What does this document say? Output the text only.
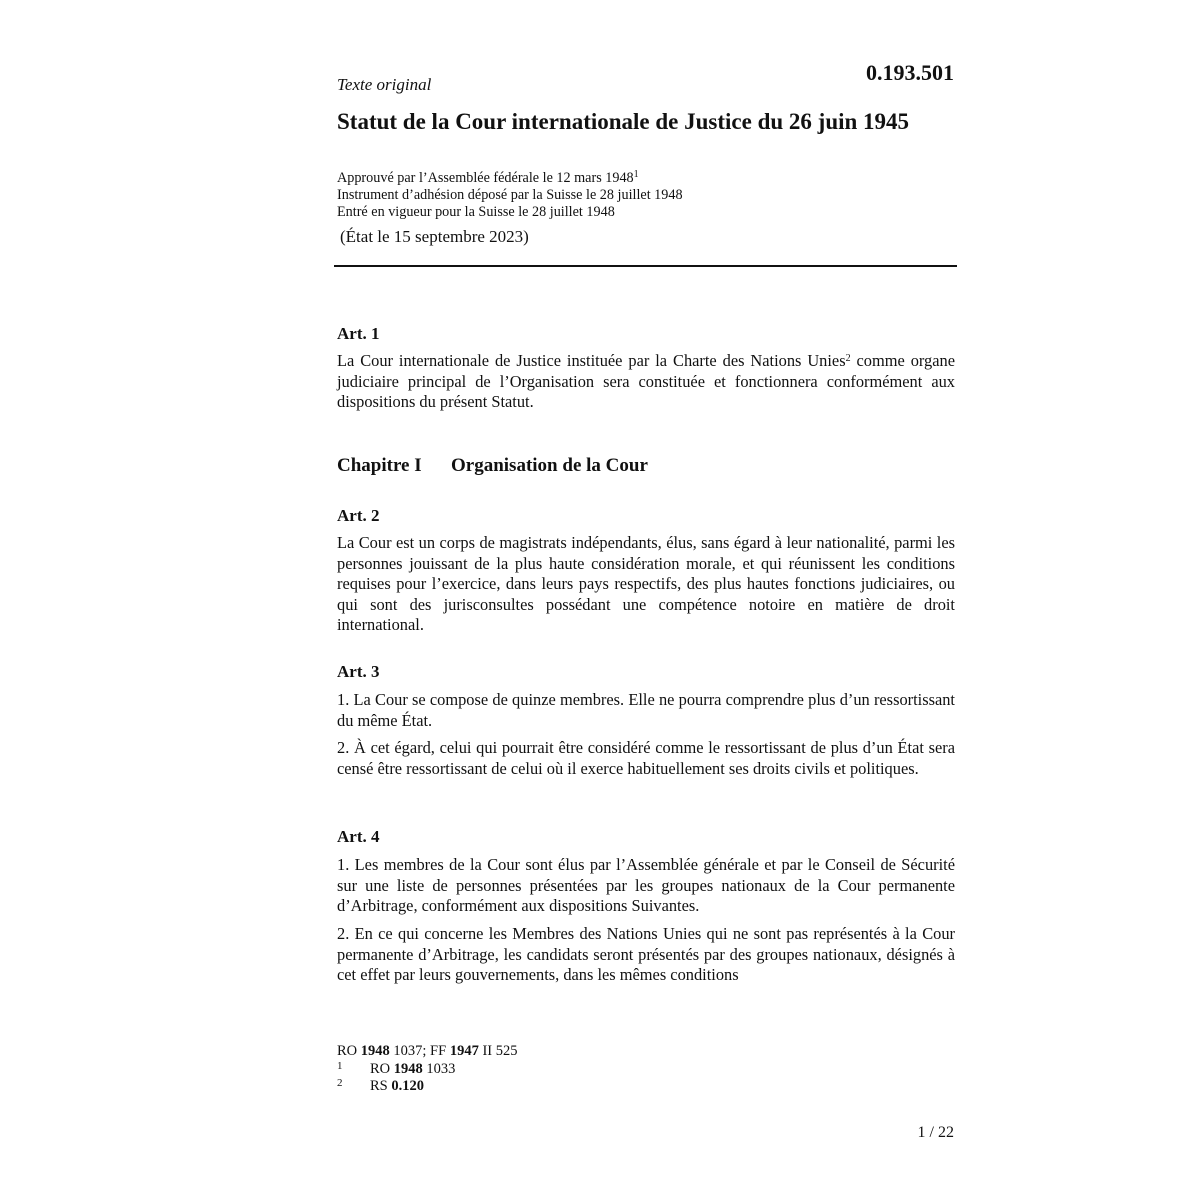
Texte original	0.193.501
Statut de la Cour internationale de Justice du 26 juin 1945
Approuvé par l’Assemblée fédérale le 12 mars 1948$^1$
Instrument d’adhésion déposé par la Suisse le 28 juillet 1948
Entré en vigueur pour la Suisse le 28 juillet 1948
(État le 15 septembre 2023)
Art. 1
La Cour internationale de Justice instituée par la Charte des Nations Unies$^2$ comme organe judiciaire principal de l’Organisation sera constituée et fonctionnera conformément aux dispositions du présent Statut.
Chapitre I Organisation de la Cour
Art. 2
La Cour est un corps de magistrats indépendants, élus, sans égard à leur nationalité, parmi les personnes jouissant de la plus haute considération morale, et qui réunissent les conditions requises pour l’exercice, dans leurs pays respectifs, des plus hautes fonctions judiciaires, ou qui sont des jurisconsultes possédant une compétence notoire en matière de droit international.
Art. 3
1. La Cour se compose de quinze membres. Elle ne pourra comprendre plus d’un ressortissant du même État.
2. À cet égard, celui qui pourrait être considéré comme le ressortissant de plus d’un État sera censé être ressortissant de celui où il exerce habituellement ses droits civils et politiques.
Art. 4
1. Les membres de la Cour sont élus par l’Assemblée générale et par le Conseil de Sécurité sur une liste de personnes présentées par les groupes nationaux de la Cour permanente d’Arbitrage, conformément aux dispositions Suivantes.
2. En ce qui concerne les Membres des Nations Unies qui ne sont pas représentés à la Cour permanente d’Arbitrage, les candidats seront présentés par des groupes nationaux, désignés à cet effet par leurs gouvernements, dans les mêmes conditions
RO 1948 1037; FF 1947 II 525
1 RO 1948 1033
2 RS 0.120
1 / 22
